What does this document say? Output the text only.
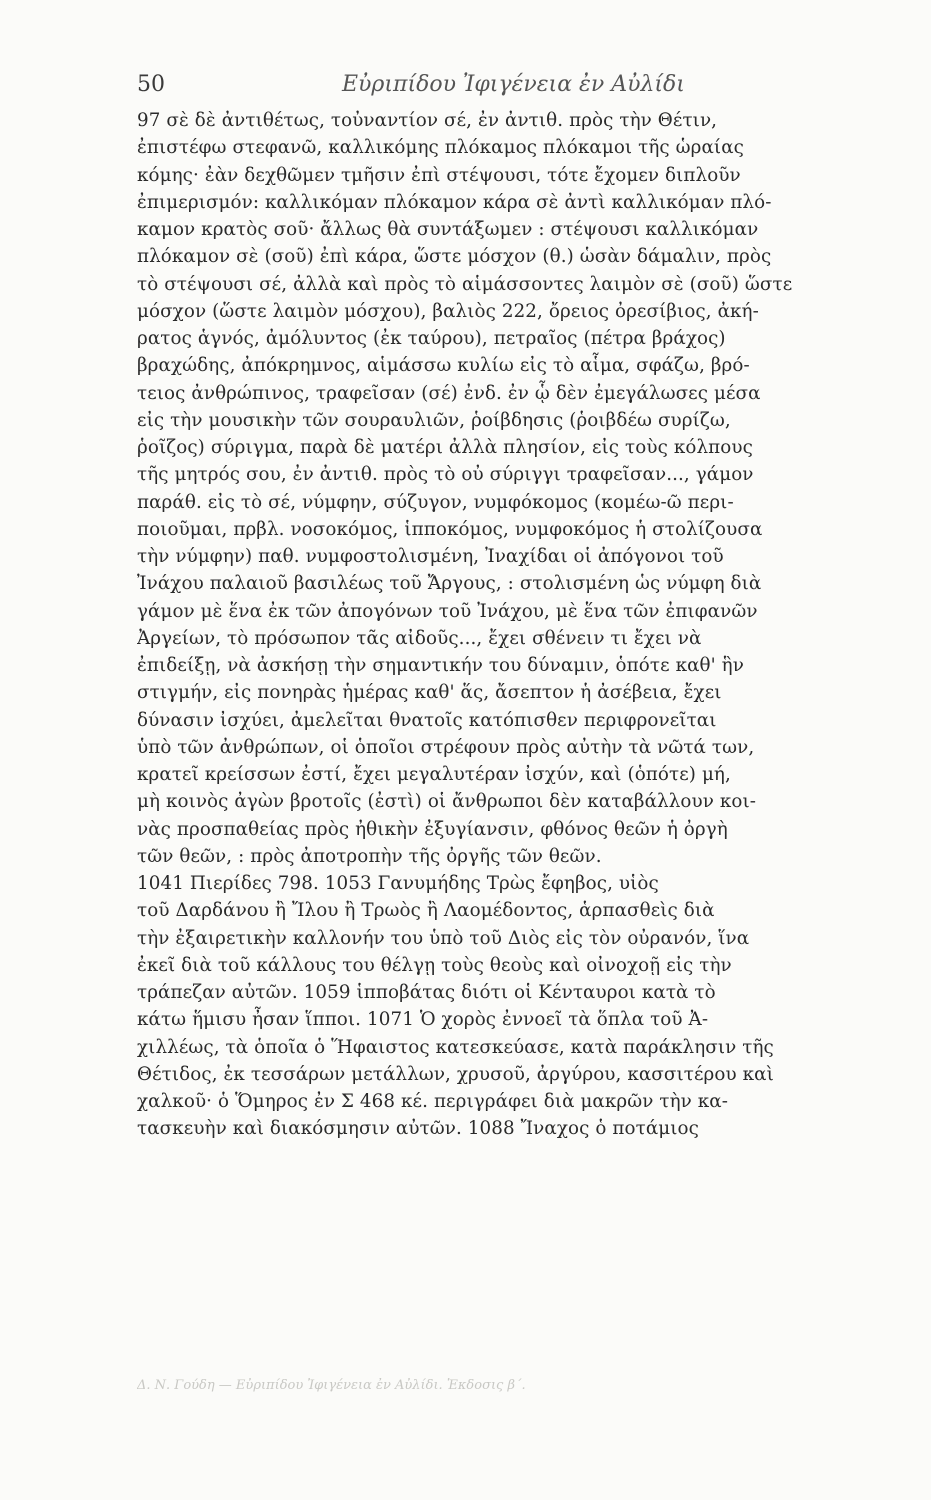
50	Εὐριπίδου Ἰφιγένεια ἐν Αὐλίδι
97 σὲ δὲ ἀντιθέτως, τοὐναντίον σέ, ἐν ἀντιθ. πρὸς τὴν Θέτιν,
ἐπιστέφω στεφανῶ, καλλικόμης πλόκαμος πλόκαμοι τῆς ὡραίας
κόμης· ἐὰν δεχθῶμεν τμῆσιν ἐπὶ στέψουσι, τότε ἔχομεν διπλοῦν
ἐπιμερισμόν: καλλικόμαν πλόκαμον κάρα σὲ ἀντὶ καλλικόμαν πλό-
καμον κρατὸς σοῦ· ἄλλως θὰ συντάξωμεν : στέψουσι καλλικόμαν
πλόκαμον σὲ (σοῦ) ἐπὶ κάρα, ὥστε μόσχον (θ.) ὡσὰν δάμαλιν, πρὸς
τὸ στέψουσι σέ, ἀλλὰ καὶ πρὸς τὸ αἱμάσσοντες λαιμὸν σὲ (σοῦ) ὥστε
μόσχον (ὥστε λαιμὸν μόσχου), βαλιὸς 222, ὄρειος ὀρεσίβιος, ἀκή-
ρατος ἁγνός, ἀμόλυντος (ἐκ ταύρου), πετραῖος (πέτρα βράχος)
βραχώδης, ἀπόκρημνος, αἱμάσσω κυλίω εἰς τὸ αἷμα, σφάζω, βρό-
τειος ἀνθρώπινος, τραφεῖσαν (σέ) ἐνδ. ἐν ᾧ δὲν ἐμεγάλωσες μέσα
εἰς τὴν μουσικὴν τῶν σουραυλιῶν, ῥοίβδησις (ῥοιβδέω συρίζω,
ῥοῖζος) σύριγμα, παρὰ δὲ ματέρι ἀλλὰ πλησίον, εἰς τοὺς κόλπους
τῆς μητρός σου, ἐν ἀντιθ. πρὸς τὸ οὐ σύριγγι τραφεῖσαν..., γάμον
παράθ. εἰς τὸ σέ, νύμφην, σύζυγον, νυμφόκομος (κομέω-ῶ περι-
ποιοῦμαι, πρβλ. νοσοκόμος, ἱπποκόμος, νυμφοκόμος ἡ στολίζουσα
τὴν νύμφην) παθ. νυμφοστολισμένη, Ἰναχίδαι οἱ ἀπόγονοι τοῦ
Ἰνάχου παλαιοῦ βασιλέως τοῦ Ἄργους, : στολισμένη ὡς νύμφη διὰ
γάμον μὲ ἕνα ἐκ τῶν ἀπογόνων τοῦ Ἰνάχου, μὲ ἕνα τῶν ἐπιφανῶν
Ἀργείων, τὸ πρόσωπον τᾶς αἰδοῦς..., ἔχει σθένειν τι ἔχει νὰ
ἐπιδείξῃ, νὰ ἀσκήσῃ τὴν σημαντικήν του δύναμιν, ὁπότε καθ' ἣν
στιγμήν, εἰς πονηρὰς ἡμέρας καθ' ἅς, ἄσεπτον ἡ ἀσέβεια, ἔχει
δύνασιν ἰσχύει, ἀμελεῖται θνατοῖς κατόπισθεν περιφρονεῖται
ὑπὸ τῶν ἀνθρώπων, οἱ ὁποῖοι στρέφουν πρὸς αὐτὴν τὰ νῶτά των,
κρατεῖ κρείσσων ἐστί, ἔχει μεγαλυτέραν ἰσχύν, καὶ (ὁπότε) μή,
μὴ κοινὸς ἀγὼν βροτοῖς (ἐστὶ) οἱ ἄνθρωποι δὲν καταβάλλουν κοι-
νὰς προσπαθείας πρὸς ἠθικὴν ἐξυγίανσιν, φθόνος θεῶν ἡ ὀργὴ
τῶν θεῶν, : πρὸς ἀποτροπὴν τῆς ὀργῆς τῶν θεῶν.
1041 Πιερίδες 798. 1053 Γανυμήδης Τρὼς ἔφηβος, υἱὸς
τοῦ Δαρδάνου ἢ Ἴλου ἢ Τρωὸς ἢ Λαομέδοντος, ἁρπασθεὶς διὰ
τὴν ἐξαιρετικὴν καλλονήν του ὑπὸ τοῦ Διὸς εἰς τὸν οὐρανόν, ἵνα
ἐκεῖ διὰ τοῦ κάλλους του θέλγῃ τοὺς θεοὺς καὶ οἰνοχοῇ εἰς τὴν
τράπεζαν αὐτῶν. 1059 ἱπποβάτας διότι οἱ Κένταυροι κατὰ τὸ
κάτω ἥμισυ ἦσαν ἵπποι. 1071 Ὁ χορὸς ἐννοεῖ τὰ ὅπλα τοῦ Ἀ-
χιλλέως, τὰ ὁποῖα ὁ Ἥφαιστος κατεσκεύασε, κατὰ παράκλησιν τῆς
Θέτιδος, ἐκ τεσσάρων μετάλλων, χρυσοῦ, ἀργύρου, κασσιτέρου καὶ
χαλκοῦ· ὁ Ὅμηρος ἐν Σ 468 κέ. περιγράφει διὰ μακρῶν τὴν κα-
τασκευὴν καὶ διακόσμησιν αὐτῶν. 1088 Ἴναχος ὁ ποτάμιος
Δ. Ν. Γούδη — Εὐριπίδου Ἰφιγένεια ἐν Αὐλίδι. Ἐκδοσις β΄.
